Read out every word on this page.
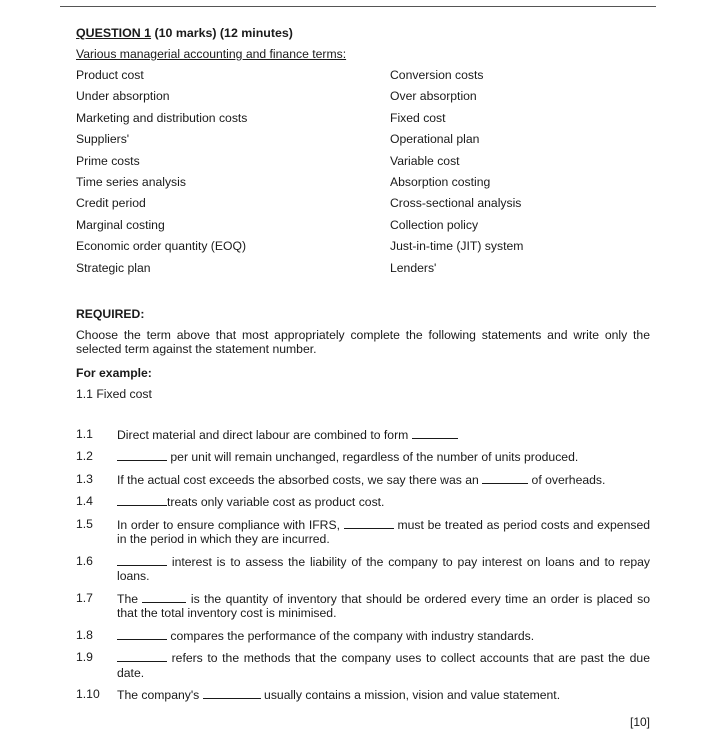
QUESTION 1 (10 marks) (12 minutes)
Various managerial accounting and finance terms:
Product cost	Conversion costs
Under absorption	Over absorption
Marketing and distribution costs	Fixed cost
Suppliers'	Operational plan
Prime costs	Variable cost
Time series analysis	Absorption costing
Credit period	Cross-sectional analysis
Marginal costing	Collection policy
Economic order quantity (EOQ)	Just-in-time (JIT) system
Strategic plan	Lenders'
REQUIRED:
Choose the term above that most appropriately complete the following statements and write only the selected term against the statement number.
For example:
1.1 Fixed cost
1.1	Direct material and direct labour are combined to form
1.2	per unit will remain unchanged, regardless of the number of units produced.
1.3	If the actual cost exceeds the absorbed costs, we say there was an	of overheads.
1.4	treats only variable cost as product cost.
1.5	In order to ensure compliance with IFRS,	must be treated as period costs and expensed in the period in which they are incurred.
1.6	interest is to assess the liability of the company to pay interest on loans and to repay loans.
1.7	The	is the quantity of inventory that should be ordered every time an order is placed so that the total inventory cost is minimised.
1.8	compares the performance of the company with industry standards.
1.9	refers to the methods that the company uses to collect accounts that are past the due date.
1.10	The company's	usually contains a mission, vision and value statement.
[10]
